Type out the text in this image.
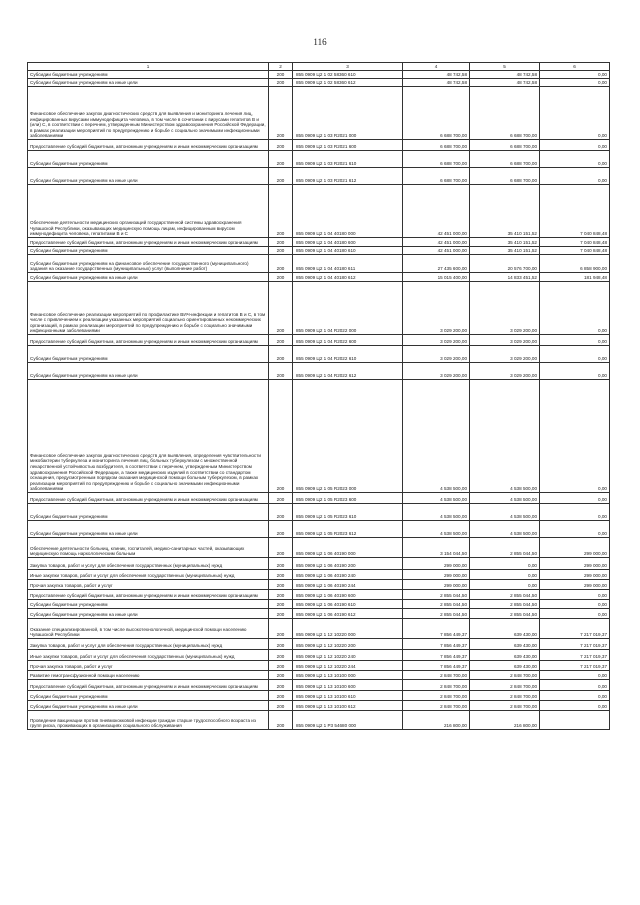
116
1	2	3	4	5	6
Субсидии бюджетным учреждениям	200	855 0909 Ц2 1 02 58360 610	48 742,58	48 742,58	0,00
Субсидии бюджетным учреждениям на иные цели	200	855 0909 Ц2 1 02 58360 612	48 742,58	48 742,58	0,00
Финансовое обеспечение закупок диагностических средств для выявления и мониторинга лечения лиц, инфицированных вирусами иммунодефицита человека, в том числе в сочетании с вирусами гепатитов B и (или) C, в соответствии с перечнем, утвержденным Министерством здравоохранения Российской Федерации, в рамках реализации мероприятий по предупреждению и борьбе с социально значимыми инфекционными заболеваниями	200	855 0909 Ц2 1 03 R2021 000	6 688 700,00	6 688 700,00	0,00
Предоставление субсидий бюджетным, автономным учреждениям и иным некоммерческим организациям	200	855 0909 Ц2 1 03 R2021 600	6 688 700,00	6 688 700,00	0,00
Субсидии бюджетным учреждениям	200	855 0909 Ц2 1 03 R2021 610	6 688 700,00	6 688 700,00	0,00
Субсидии бюджетным учреждениям на иные цели	200	855 0909 Ц2 1 03 R2021 612	6 688 700,00	6 688 700,00	0,00
Обеспечение деятельности медицинских организаций государственной системы здравоохранения Чувашской Республики, оказывающих медицинскую помощь лицам, инфицированным вирусом иммунодефицита человека, гепатитами B и C	200	855 0909 Ц2 1 04 40180 000	42 451 000,00	35 410 151,52	7 040 848,48
Предоставление субсидий бюджетным, автономным учреждениям и иным некоммерческим организациям	200	855 0909 Ц2 1 04 40180 600	42 451 000,00	35 410 151,52	7 040 848,48
Субсидии бюджетным учреждениям	200	855 0909 Ц2 1 04 40180 610	42 451 000,00	35 410 151,52	7 040 848,48
Субсидии бюджетным учреждениям на финансовое обеспечение государственного (муниципального) задания на оказание государственных (муниципальных) услуг (выполнение работ)	200	855 0909 Ц2 1 04 40180 611	27 435 600,00	20 576 700,00	6 858 900,00
Субсидии бюджетным учреждениям на иные цели	200	855 0909 Ц2 1 04 40180 612	15 015 400,00	14 833 451,52	181 948,48
Финансовое обеспечение реализации мероприятий по профилактике ВИЧ-инфекции и гепатитов B и C, в том числе с привлечением к реализации указанных мероприятий социально ориентированных некоммерческих организаций, в рамках реализации мероприятий по предупреждению и борьбе с социально значимыми инфекционными заболеваниями	200	855 0909 Ц2 1 04 R2022 000	3 029 200,00	3 029 200,00	0,00
Предоставление субсидий бюджетным, автономным учреждениям и иным некоммерческим организациям	200	855 0909 Ц2 1 04 R2022 600	3 029 200,00	3 029 200,00	0,00
Субсидии бюджетным учреждениям	200	855 0909 Ц2 1 04 R2022 610	3 029 200,00	3 029 200,00	0,00
Субсидии бюджетным учреждениям на иные цели	200	855 0909 Ц2 1 04 R2022 612	3 029 200,00	3 029 200,00	0,00
Финансовое обеспечение закупок диагностических средств для выявления, определения чувствительности микобактерии туберкулеза и мониторинга лечения лиц, больных туберкулезом с множественной лекарственной устойчивостью возбудителя, в соответствии с перечнем, утвержденным Министерством здравоохранения Российской Федерации, а также медицинских изделий в соответствии со стандартом оснащения, предусмотренным порядком оказания медицинской помощи больным туберкулезом, в рамках реализации мероприятий по предупреждению и борьбе с социально значимыми инфекционными заболеваниями	200	855 0909 Ц2 1 05 R2023 000	4 538 500,00	4 538 500,00	0,00
Предоставление субсидий бюджетным, автономным учреждениям и иным некоммерческим организациям	200	855 0909 Ц2 1 05 R2023 600	4 538 500,00	4 538 500,00	0,00
Субсидии бюджетным учреждениям	200	855 0909 Ц2 1 05 R2023 610	4 538 500,00	4 538 500,00	0,00
Субсидии бюджетным учреждениям на иные цели	200	855 0909 Ц2 1 05 R2023 612	4 538 500,00	4 538 500,00	0,00
Обеспечение деятельности больниц, клиник, госпиталей, медико-санитарных частей, оказывающих медицинскую помощь наркологическим больным	200	855 0909 Ц2 1 06 40190 000	3 154 044,50	2 855 044,50	299 000,00
Закупка товаров, работ и услуг для обеспечения государственных (муниципальных) нужд	200	855 0909 Ц2 1 06 40190 200	299 000,00	0,00	299 000,00
Иные закупки товаров, работ и услуг для обеспечения государственных (муниципальных) нужд	200	855 0909 Ц2 1 06 40190 240	299 000,00	0,00	299 000,00
Прочая закупка товаров, работ и услуг	200	855 0909 Ц2 1 06 40190 244	299 000,00	0,00	299 000,00
Предоставление субсидий бюджетным, автономным учреждениям и иным некоммерческим организациям	200	855 0909 Ц2 1 06 40190 600	2 855 044,50	2 855 044,50	0,00
Субсидии бюджетным учреждениям	200	855 0909 Ц2 1 06 40190 610	2 855 044,50	2 855 044,50	0,00
Субсидии бюджетным учреждениям на иные цели	200	855 0909 Ц2 1 06 40190 612	2 855 044,50	2 855 044,50	0,00
Оказание специализированной, в том числе высокотехнологичной, медицинской помощи населению Чувашской Республики	200	855 0909 Ц2 1 12 10220 000	7 856 449,37	639 430,00	7 217 019,37
Закупка товаров, работ и услуг для обеспечения государственных (муниципальных) нужд	200	855 0909 Ц2 1 12 10220 200	7 856 449,37	639 430,00	7 217 019,37
Иные закупки товаров, работ и услуг для обеспечения государственных (муниципальных) нужд	200	855 0909 Ц2 1 12 10220 240	7 856 449,37	639 430,00	7 217 019,37
Прочая закупка товаров, работ и услуг	200	855 0909 Ц2 1 12 10220 244	7 856 449,37	639 430,00	7 217 019,37
Развитие гемотрансфузионной помощи населению	200	855 0909 Ц2 1 13 10100 000	2 848 700,00	2 848 700,00	0,00
Предоставление субсидий бюджетным, автономным учреждениям и иным некоммерческим организациям	200	855 0909 Ц2 1 13 10100 600	2 848 700,00	2 848 700,00	0,00
Субсидии бюджетным учреждениям	200	855 0909 Ц2 1 13 10100 610	2 848 700,00	2 848 700,00	0,00
Субсидии бюджетным учреждениям на иные цели	200	855 0909 Ц2 1 13 10100 612	2 848 700,00	2 848 700,00	0,00
Проведение вакцинации против пневмококковой инфекции граждан старше трудоспособного возраста из групп риска, проживающих в организациях социального обслуживания	200	855 0909 Ц2 1 P3 54680 000	216 800,00	216 800,00	
